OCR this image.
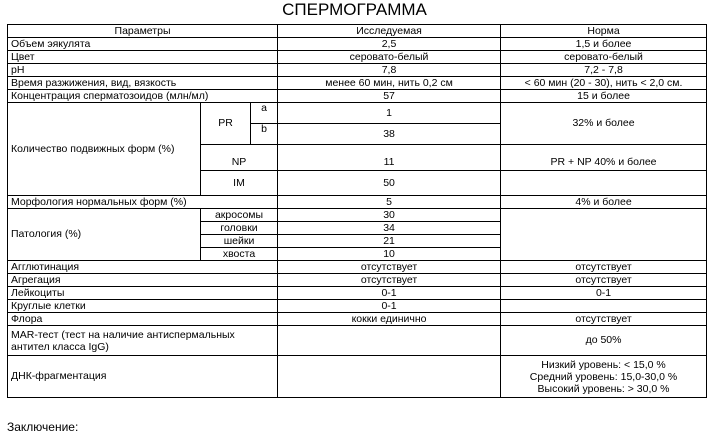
СПЕРМОГРАММА
Параметры			Исследуемая	Норма
Объем эякулята			2,5	1,5 и более
Цвет			серовато-белый	серовато-белый
pH			7,8	7,2 - 7,8
Время разжижения, вид, вязкость			менее 60 мин, нить 0,2 см	< 60 мин (20 - 30), нить < 2,0 см.
Концентрация сперматозоидов (млн/мл)			57	15 и более
Количество подвижных форм (%)	PR	a	1	32% и более
		b	38	

	NP		11	PR + NP 40% и более
	IM		50	
Морфология нормальных форм (%)			5	4% и более
Патология (%)	акросомы		30	
	головки		34	
	шейки		21	
	хвоста		10	
Агглютинация			отсутствует	отсутствует
Агрегация			отсутствует	отсутствует
Лейкоциты			0-1	0-1
Круглые клетки			0-1	
Флора			кокки единично	отсутствует
MAR-тест (тест на наличие антиспермальных
антител класса IgG)				до 50%
ДНК-фрагментация				Низкий уровень: < 15,0 %
Средний уровень: 15,0-30,0 %
Высокий уровень: > 30,0 %
Заключение:
